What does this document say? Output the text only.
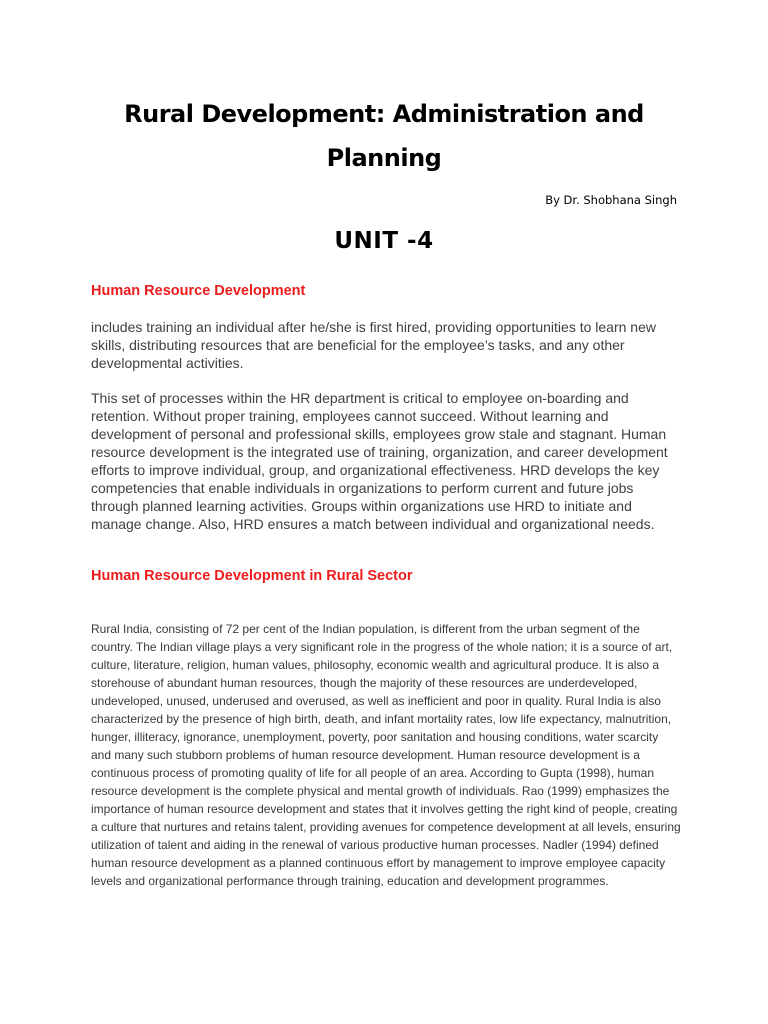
Rural Development: Administration and Planning

By Dr. Shobhana Singh

UNIT -4
Human Resource Development

includes training an individual after he/she is first hired, providing opportunities to learn new skills, distributing resources that are beneficial for the employee’s tasks, and any other developmental activities.

This set of processes within the HR department is critical to employee on-boarding and retention. Without proper training, employees cannot succeed. Without learning and development of personal and professional skills, employees grow stale and stagnant. Human resource development is the integrated use of training, organization, and career development efforts to improve individual, group, and organizational effectiveness. HRD develops the key competencies that enable individuals in organizations to perform current and future jobs through planned learning activities. Groups within organizations use HRD to initiate and manage change. Also, HRD ensures a match between individual and organizational needs.

Human Resource Development in Rural Sector

Rural India, consisting of 72 per cent of the Indian population, is different from the urban segment of the country. The Indian village plays a very significant role in the progress of the whole nation; it is a source of art, culture, literature, religion, human values, philosophy, economic wealth and agricultural produce. It is also a storehouse of abundant human resources, though the majority of these resources are underdeveloped, undeveloped, unused, underused and overused, as well as inefficient and poor in quality. Rural India is also characterized by the presence of high birth, death, and infant mortality rates, low life expectancy, malnutrition, hunger, illiteracy, ignorance, unemployment, poverty, poor sanitation and housing conditions, water scarcity and many such stubborn problems of human resource development. Human resource development is a continuous process of promoting quality of life for all people of an area. According to Gupta (1998), human resource development is the complete physical and mental growth of individuals. Rao (1999) emphasizes the importance of human resource development and states that it involves getting the right kind of people, creating a culture that nurtures and retains talent, providing avenues for competence development at all levels, ensuring utilization of talent and aiding in the renewal of various productive human processes. Nadler (1994) defined human resource development as a planned continuous effort by management to improve employee capacity levels and organizational performance through training, education and development programmes.
